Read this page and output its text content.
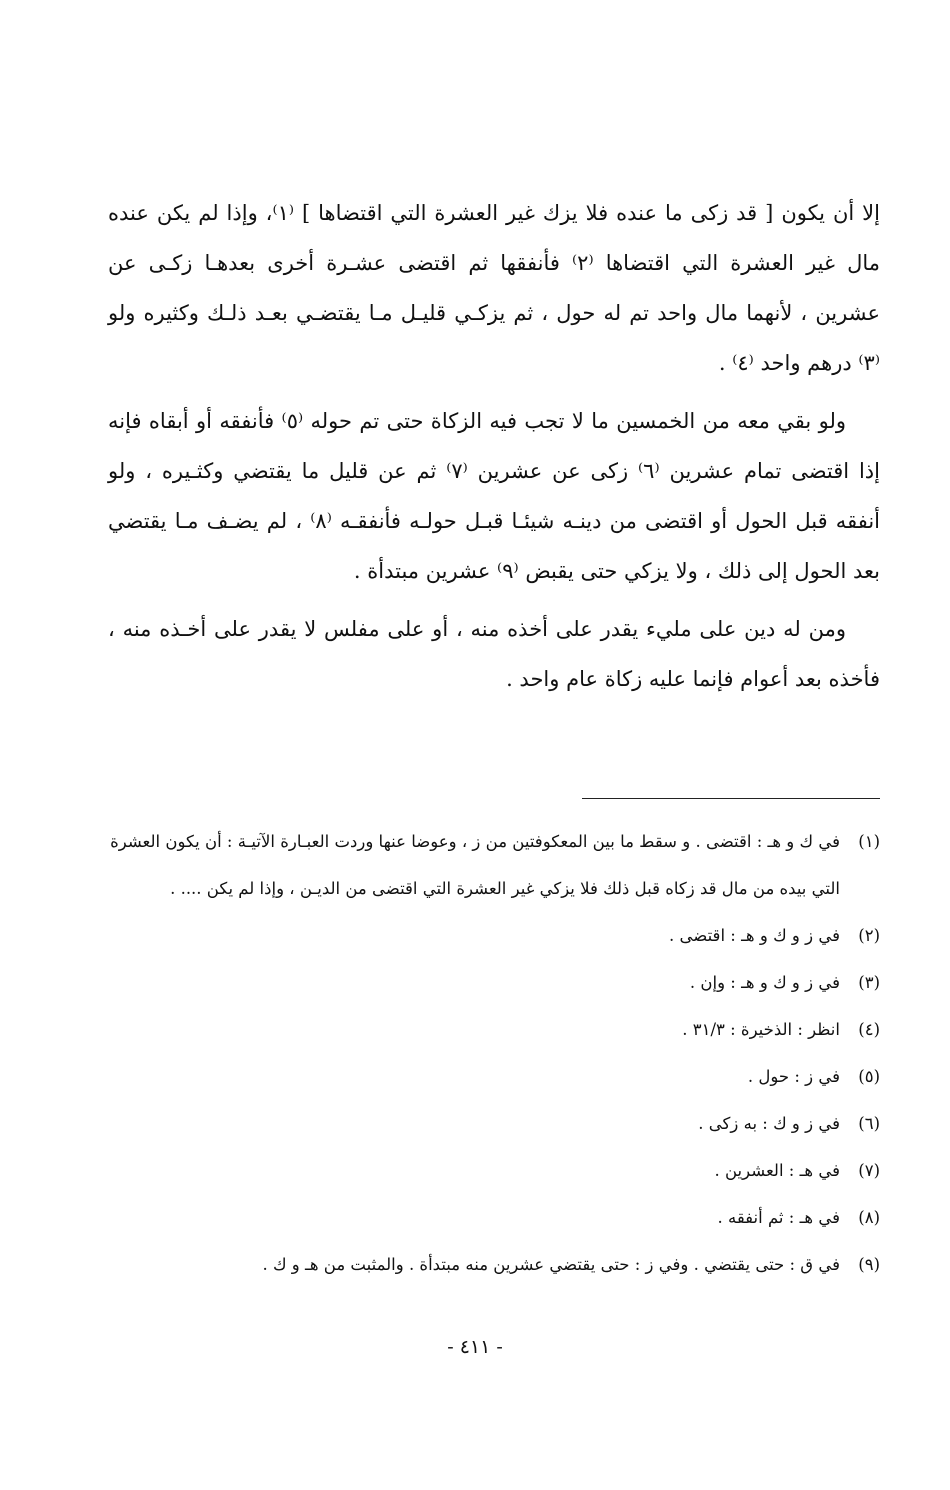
إلا أن يكون [ قد زكى ما عنده فلا يزك غير العشرة التي اقتضاها ] ⁽١⁾، وإذا لم يكن عنده مال غير العشرة التي اقتضاها ⁽٢⁾ فأنفقها ثم اقتضى عشـرة أخرى بعدهـا زكـى عن عشرين ، لأنهما مال واحد تم له حول ، ثم يزكـي قليـل مـا يقتضـي بعـد ذلـك وكثيره ولو ⁽٣⁾ درهم واحد ⁽٤⁾ .

ولو بقي معه من الخمسين ما لا تجب فيه الزكاة حتى تم حوله ⁽٥⁾ فأنفقه أو أبقاه فإنه إذا اقتضى تمام عشرين ⁽٦⁾ زكى عن عشرين ⁽٧⁾ ثم عن قليل ما يقتضي وكثـيره ، ولو أنفقه قبل الحول أو اقتضى من دينـه شيئـا قبـل حولـه فأنفقـه ⁽٨⁾ ، لم يضـف مـا يقتضي بعد الحول إلى ذلك ، ولا يزكي حتى يقبض ⁽٩⁾ عشرين مبتدأة .

ومن له دين على مليء يقدر على أخذه منه ، أو على مفلس لا يقدر على أخـذه منه ، فأخذه بعد أعوام فإنما عليه زكاة عام واحد .

(١)
في ك و هـ : اقتضى . و سقط ما بين المعكوفتين من ز ، وعوضا عنها وردت العبـارة الآتيـة : أن يكون العشرة التي بيده من مال قد زكاه قبل ذلك فلا يزكي غير العشرة التي اقتضى من الديـن ، وإذا لم يكن .... .
(٢)
في ز و ك و هـ : اقتضى .
(٣)
في ز و ك و هـ : وإن .
(٤)
انظر : الذخيرة : ٣١/٣ .
(٥)
في ز : حول .
(٦)
في ز و ك : به زكى .
(٧)
في هـ : العشرين .
(٨)
في هـ : ثم أنفقه .
(٩)
في ق : حتى يقتضي . وفي ز : حتى يقتضي عشرين منه مبتدأة . والمثبت من هـ و ك .
- ٤١١ -
